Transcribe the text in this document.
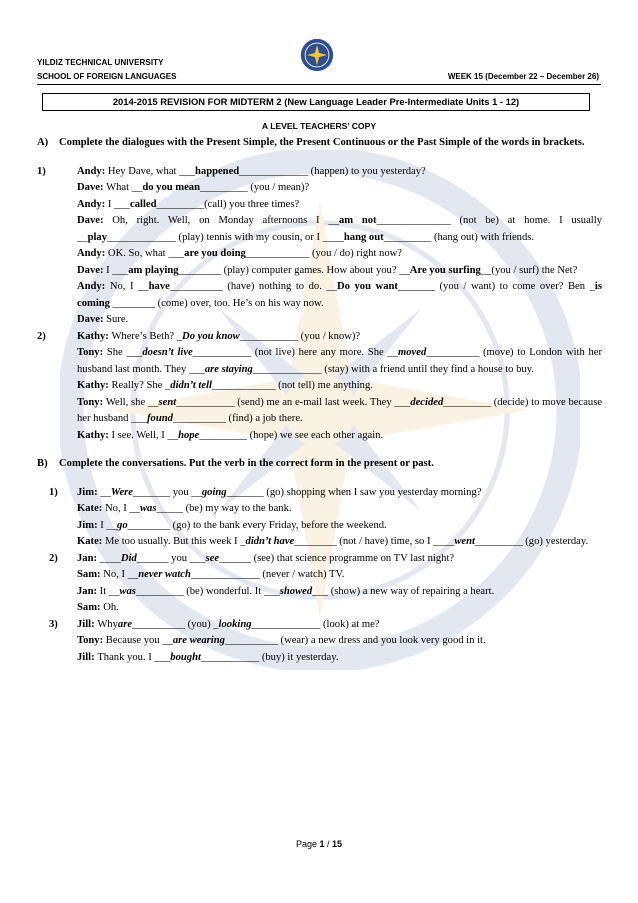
YILDIZ TECHNICAL UNIVERSITY
SCHOOL OF FOREIGN LANGUAGES	WEEK 15 (December 22 – December 26)
2014-2015 REVISION FOR MIDTERM 2 (New Language Leader Pre-Intermediate Units 1 - 12)
A LEVEL TEACHERS’ COPY
A)	Complete the dialogues with the Present Simple, the Present Continuous or the Past Simple of the words in brackets.
1)	Andy: Hey Dave, what ___happened_____________ (happen) to you yesterday?
Dave: What __do you mean_________ (you / mean)?
Andy: I ___called_________(call) you three times?
Dave: Oh, right. Well, on Monday afternoons I __am not______________ (not be) at home. I usually __play_____________ (play) tennis with my cousin, or I ____hang out_________ (hang out) with friends.
Andy: OK. So, what ___are you doing____________ (you / do) right now?
Dave: I ___am playing________ (play) computer games. How about you? __Are you surfing__(you / surf) the Net?
Andy: No, I __have__________ (have) nothing to do. __Do you want_______ (you / want) to come over? Ben _is coming ________ (come) over, too. He’s on his way now.
Dave: Sure.
2)	Kathy: Where’s Beth? _Do you know___________ (you / know)?
Tony: She ___doesn’t live___________ (not live) here any more. She __moved__________ (move) to London with her husband last month. They ___are staying_____________ (stay) with a friend until they find a house to buy.
Kathy: Really? She _didn’t tell____________ (not tell) me anything.
Tony: Well, she __sent___________ (send) me an e-mail last week. They ___decided_________ (decide) to move because her husband ___found__________ (find) a job there.
Kathy: I see. Well, I __hope_________ (hope) we see each other again.
B)	Complete the conversations. Put the verb in the correct form in the present or past.
1) Jim: __Were_______ you __going_______ (go) shopping when I saw you yesterday morning?
Kate: No, I __was_____ (be) my way to the bank.
Jim: I __go________ (go) to the bank every Friday, before the weekend.
Kate: Me too usually. But this week I _didn’t have________ (not / have) time, so I ____went_________ (go) yesterday.
2) Jan: ____Did______ you ___see______ (see) that science programme on TV last night?
Sam: No, I __never watch_____________ (never / watch) TV.
Jan: It __was_________ (be) wonderful. It ___showed___ (show) a new way of repairing a heart.
Sam: Oh.
3) Jill: Whyare__________ (you) _looking_____________ (look) at me?
Tony: Because you __are wearing__________ (wear) a new dress and you look very good in it.
Jill: Thank you. I ___bought___________ (buy) it yesterday.
Page 1 / 15
